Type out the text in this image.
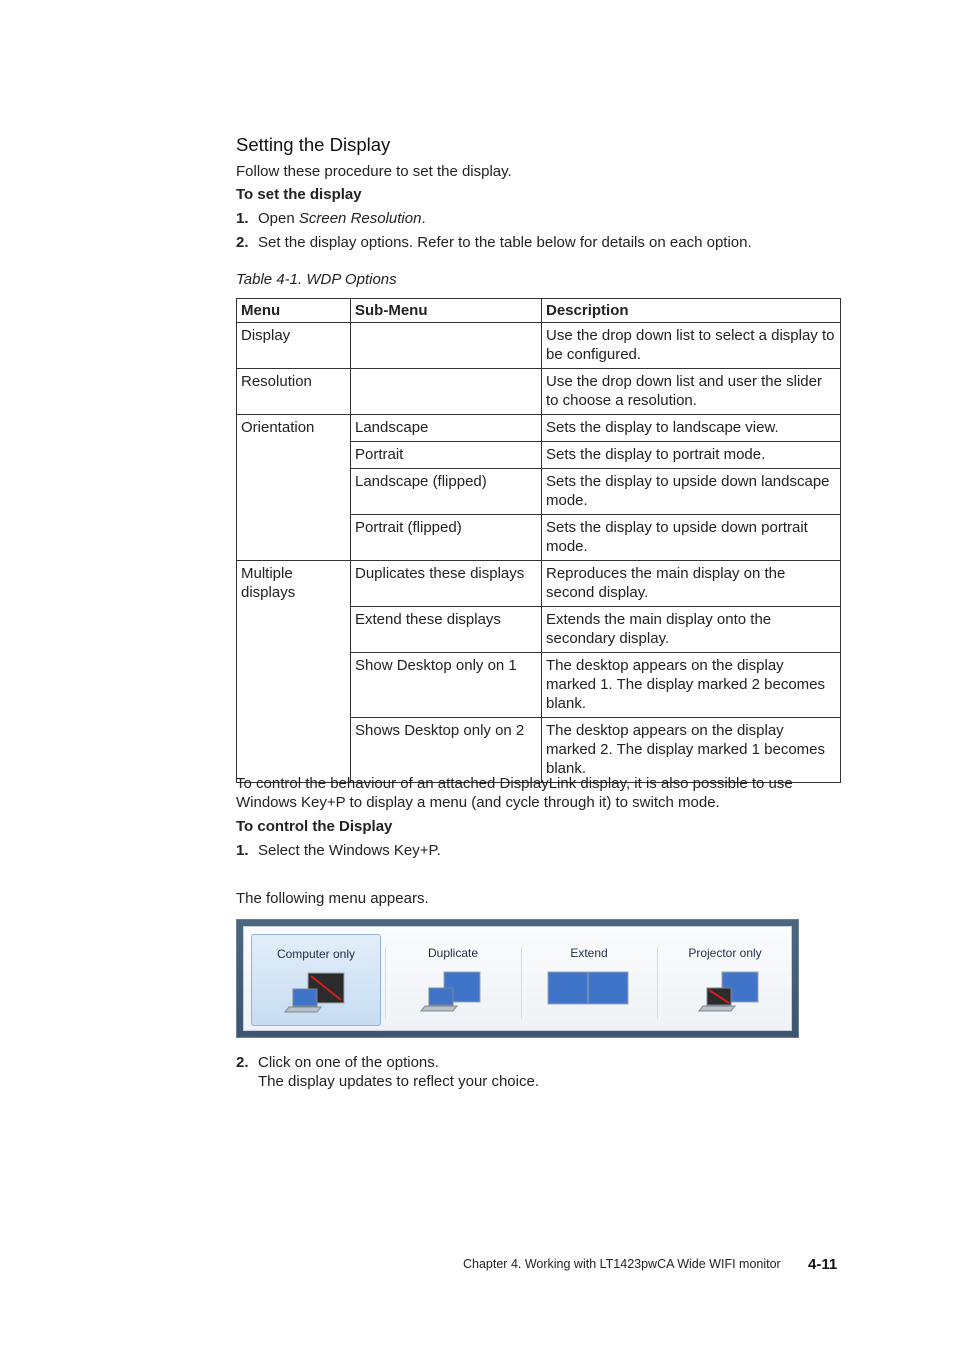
Setting the Display
Follow these procedure to set the display.
To set the display
1. Open Screen Resolution.
2. Set the display options. Refer to the table below for details on each option.
Table 4-1. WDP Options
Menu	Sub-Menu	Description
Display		Use the drop down list to select a display to be configured.
Resolution		Use the drop down list and user the slider to choose a resolution.
Orientation	Landscape	Sets the display to landscape view.
	Portrait	Sets the display to portrait mode.
	Landscape (flipped)	Sets the display to upside down landscape mode.
	Portrait (flipped)	Sets the display to upside down portrait mode.
Multiple displays	Duplicates these displays	Reproduces the main display on the second display.
	Extend these displays	Extends the main display onto the secondary display.
	Show Desktop only on 1	The desktop appears on the display marked 1. The display marked 2 becomes blank.
	Shows Desktop only on 2	The desktop appears on the display marked 2. The display marked 1 becomes blank.
To control the behaviour of an attached DisplayLink display, it is also possible to use Windows Key+P to display a menu (and cycle through it) to switch mode.
To control the Display
1. Select the Windows Key+P.
The following menu appears.
Computer only	Duplicate	Extend	Projector only
2. Click on one of the options.
The display updates to reflect your choice.
Chapter 4. Working with LT1423pwCA Wide WIFI monitor 4-11
